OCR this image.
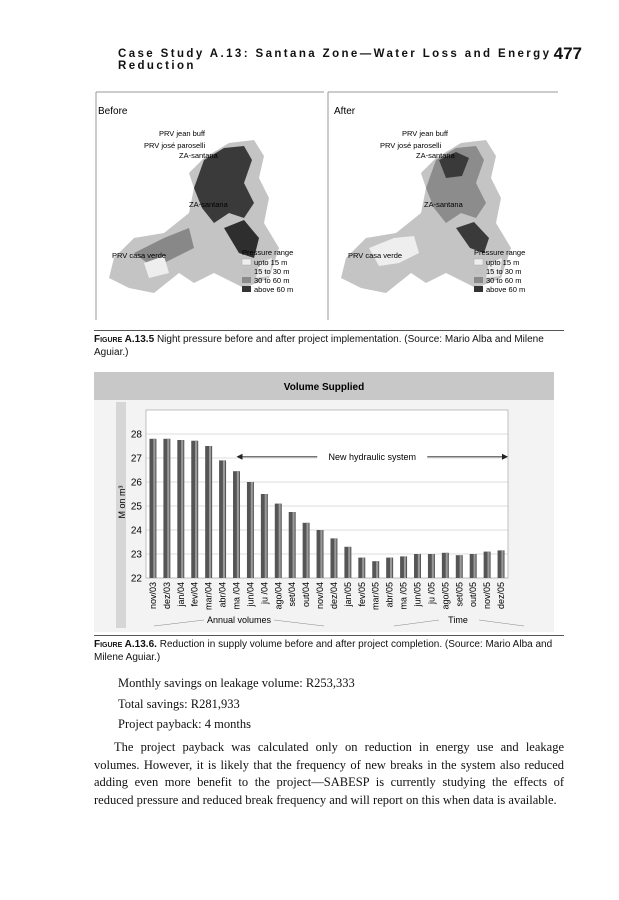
Case Study A.13: Santana Zone—Water Loss and Energy Reduction
477
Before
PRV jean buff
PRV josé paroselli
ZA-santana
ZA-santana
PRV casa verde	Pressure range
upto 15 m
15 to 30 m
30 to 60 m
above 60 m
After
PRV jean buff
PRV josé paroselli
ZA-santana
ZA-santana
PRV casa verde	Pressure range
upto 15 m
15 to 30 m
30 to 60 m
above 60 m
Figure A.13.5 Night pressure before and after project implementation. (Source: Mario Alba and Milene Aguiar.)
Volume Supplied
22
23
24
25
26
27
28
nov/03 dez/03 jan/04 fev/04 mar/04 abr/04 ma /04 jun/04 ju /04 ago/04 set/04 out/04 nov/04 dez/04 jan/05 fev/05 mar/05 abr/05 ma /05 jun/05 ju /05 ago/05 set/05 out/05 nov/05 dez/05
M on m³
New hydraulic system
Annual volumes	Time
Figure A.13.6. Reduction in supply volume before and after project completion. (Source: Mario Alba and Milene Aguiar.)
Monthly savings on leakage volume: R253,333
Total savings: R281,933
Project payback: 4 months

The project payback was calculated only on reduction in energy use and leakage volumes. However, it is likely that the frequency of new breaks in the system also reduced adding even more benefit to the project—SABESP is currently studying the effects of reduced pressure and reduced break frequency and will report on this when data is available.
